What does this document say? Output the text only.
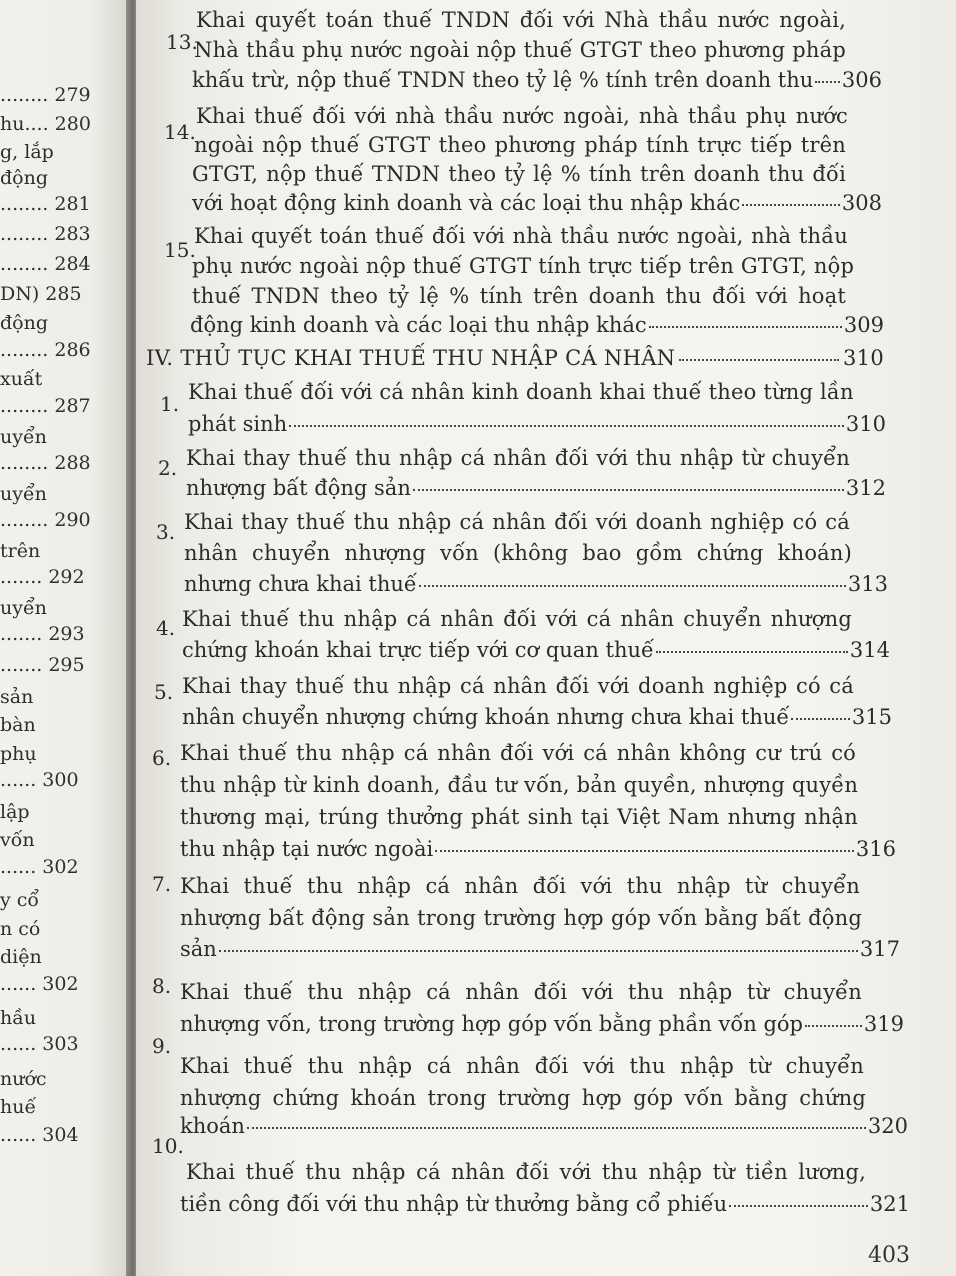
........ 279
hu.... 280
g, lắp
động
........ 281
........ 283
........ 284
DN) 285
động
........ 286
xuất
........ 287
uyển
........ 288
uyển
........ 290
trên
....... 292
uyển
....... 293
....... 295
sản
bàn
phụ
...... 300
lập
vốn
...... 302
y cổ
n có
diện
...... 302
hầu
...... 303
nước
huế
...... 304
13.
Khai quyết toán thuế TNDN đối với Nhà thầu nước ngoài,
Nhà thầu phụ nước ngoài nộp thuế GTGT theo phương pháp
khấu trừ, nộp thuế TNDN theo tỷ lệ % tính trên doanh thu 306
14.
Khai thuế đối với nhà thầu nước ngoài, nhà thầu phụ nước
ngoài nộp thuế GTGT theo phương pháp tính trực tiếp trên
GTGT, nộp thuế TNDN theo tỷ lệ % tính trên doanh thu đối
với hoạt động kinh doanh và các loại thu nhập khác	308
15.
Khai quyết toán thuế đối với nhà thầu nước ngoài, nhà thầu
phụ nước ngoài nộp thuế GTGT tính trực tiếp trên GTGT, nộp
thuế TNDN theo tỷ lệ % tính trên doanh thu đối với hoạt
động kinh doanh và các loại thu nhập khác	309
IV. THỦ TỤC KHAI THUẾ THU NHẬP CÁ NHÂN	310
1. Khai thuế đối với cá nhân kinh doanh khai thuế theo từng lần
phát sinh	310
2. Khai thay thuế thu nhập cá nhân đối với thu nhập từ chuyển
nhượng bất động sản	312
3. Khai thay thuế thu nhập cá nhân đối với doanh nghiệp có cá
nhân chuyển nhượng vốn (không bao gồm chứng khoán)
nhưng chưa khai thuế	313
4. Khai thuế thu nhập cá nhân đối với cá nhân chuyển nhượng
chứng khoán khai trực tiếp với cơ quan thuế	314
5. Khai thay thuế thu nhập cá nhân đối với doanh nghiệp có cá
nhân chuyển nhượng chứng khoán nhưng chưa khai thuế	315
6. Khai thuế thu nhập cá nhân đối với cá nhân không cư trú có
thu nhập từ kinh doanh, đầu tư vốn, bản quyền, nhượng quyền
thương mại, trúng thưởng phát sinh tại Việt Nam nhưng nhận
thu nhập tại nước ngoài	316
7. Khai thuế thu nhập cá nhân đối với thu nhập từ chuyển
nhượng bất động sản trong trường hợp góp vốn bằng bất động
sản	317
8. Khai thuế thu nhập cá nhân đối với thu nhập từ chuyển
nhượng vốn, trong trường hợp góp vốn bằng phần vốn góp	319
9.
Khai thuế thu nhập cá nhân đối với thu nhập từ chuyển
nhượng chứng khoán trong trường hợp góp vốn bằng chứng
khoán	320
10.
Khai thuế thu nhập cá nhân đối với thu nhập từ tiền lương,
tiền công đối với thu nhập từ thưởng bằng cổ phiếu	321
403
